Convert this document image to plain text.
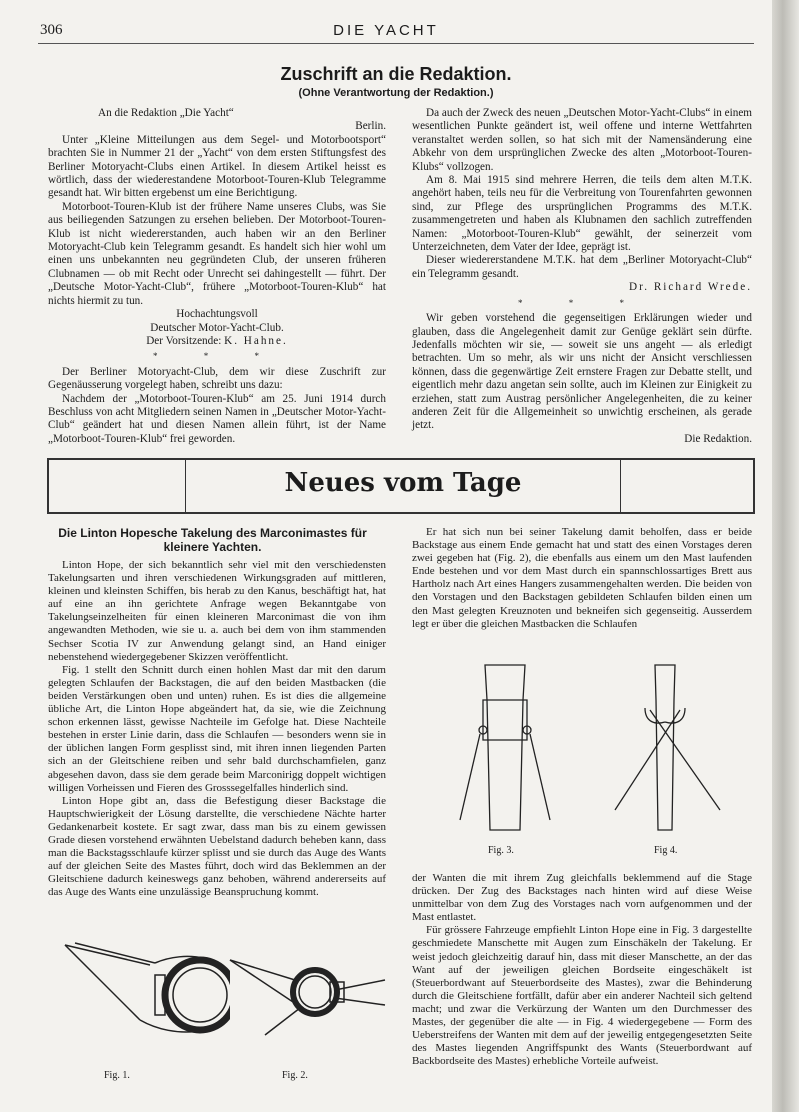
306	DIE YACHT
Zuschrift an die Redaktion.
(Ohne Verantwortung der Redaktion.)

An die Redaktion „Die Yacht“

Berlin.

Unter „Kleine Mitteilungen aus dem Segel- und Motorbootsport“ brachten Sie in Nummer 21 der „Yacht“ von dem ersten Stiftungsfest des Berliner Motoryacht-Clubs einen Artikel. In diesem Artikel heisst es wörtlich, dass der wiederestandene Motorboot-Touren-Klub Telegramme gesandt hat. Wir bitten ergebenst um eine Berichtigung.

Motorboot-Touren-Klub ist der frühere Name unseres Clubs, was Sie aus beiliegenden Satzungen zu ersehen belieben. Der Motorboot-Touren-Klub ist nicht wiedererstanden, auch haben wir an den Berliner Motoryacht-Club kein Telegramm gesandt. Es handelt sich hier wohl um einen uns unbekannten neu gegründeten Club, der unseren früheren Clubnamen — ob mit Recht oder Unrecht sei dahingestellt — führt. Der „Deutsche Motor-Yacht-Club“, frühere „Motorboot-Touren-Klub“ hat nichts hiermit zu tun.

Hochachtungsvoll

Deutscher Motor-Yacht-Club.

Der Vorsitzende: K. Hahne.

* * *

Der Berliner Motoryacht-Club, dem wir diese Zuschrift zur Gegenäusserung vorgelegt haben, schreibt uns dazu:

Nachdem der „Motorboot-Touren-Klub“ am 25. Juni 1914 durch Beschluss von acht Mitgliedern seinen Namen in „Deutscher Motor-Yacht-Club“ geändert hat und diesen Namen allein führt, ist der Name „Motorboot-Touren-Klub“ frei geworden.

Da auch der Zweck des neuen „Deutschen Motor-Yacht-Clubs“ in einem wesentlichen Punkte geändert ist, weil offene und interne Wettfahrten veranstaltet werden sollen, so hat sich mit der Namensänderung eine Abkehr von dem ursprünglichen Zwecke des alten „Motorboot-Touren-Klubs“ vollzogen.

Am 8. Mai 1915 sind mehrere Herren, die teils dem alten M.T.K. angehört haben, teils neu für die Verbreitung von Tourenfahrten gewonnen sind, zur Pflege des ursprünglichen Programms des M.T.K. zusammengetreten und haben als Klubnamen den sachlich zutreffenden Namen: „Motorboot-Touren-Klub“ gewählt, der seinerzeit vom Unterzeichneten, dem Vater der Idee, geprägt ist.

Dieser wiedererstandene M.T.K. hat dem „Berliner Motoryacht-Club“ ein Telegramm gesandt.

Dr. Richard Wrede.

* * *

Wir geben vorstehend die gegenseitigen Erklärungen wieder und glauben, dass die Angelegenheit damit zur Genüge geklärt sein dürfte. Jedenfalls möchten wir sie, — soweit sie uns angeht — als erledigt betrachten. Um so mehr, als wir uns nicht der Ansicht verschliessen können, dass die gegenwärtige Zeit ernstere Fragen zur Debatte stellt, und eigentlich mehr dazu angetan sein sollte, auch im Kleinen zur Einigkeit zu erziehen, statt zum Austrag persönlicher Angelegenheiten, die zu keiner anderen Zeit für die Allgemeinheit so unwichtig erscheinen, als gerade jetzt.

Die Redaktion.

Neues vom Tage
Die Linton Hopesche Takelung des Marconimastes für kleinere Yachten.

Linton Hope, der sich bekanntlich sehr viel mit den verschiedensten Takelungsarten und ihren verschiedenen Wirkungsgraden auf mittleren, kleinen und kleinsten Schiffen, bis herab zu den Kanus, beschäftigt hat, hat auf eine an ihn gerichtete Anfrage wegen Bekanntgabe von Takelungseinzelheiten für einen kleineren Marconimast die von ihm angewandten Methoden, wie sie u. a. auch bei dem von ihm stammenden Sechser Scotia IV zur Anwendung gelangt sind, an Hand einiger nebenstehend wiedergegebener Skizzen veröffentlicht.

Fig. 1 stellt den Schnitt durch einen hohlen Mast dar mit den darum gelegten Schlaufen der Backstagen, die auf den beiden Mastbacken (die beiden Verstärkungen oben und unten) ruhen. Es ist dies die allgemeine übliche Art, die Linton Hope abgeändert hat, da sie, wie die Zeichnung schon erkennen lässt, gewisse Nachteile im Gefolge hat. Diese Nachteile bestehen in erster Linie darin, dass die Schlaufen — besonders wenn sie in der üblichen langen Form gesplisst sind, mit ihren innen liegenden Parten sich an der Gleitschiene reiben und sehr bald durchschamfielen, ganz abgesehen davon, dass sie dem gerade beim Marconirigg doppelt wichtigen willigen Vorheissen und Fieren des Grosssegelfalles hinderlich sind.

Linton Hope gibt an, dass die Befestigung dieser Backstage die Hauptschwierigkeit der Lösung darstellte, die verschiedene Nächte harter Gedankenarbeit kostete. Er sagt zwar, dass man bis zu einem gewissen Grade diesen vorstehend erwähnten Uebelstand dadurch beheben kann, dass man die Backstagsschlaufe kürzer splisst und sie durch das Auge des Wants auf der gleichen Seite des Mastes führt, doch wird das Beklemmen an der Gleitschiene dadurch keineswegs ganz behoben, während andererseits auf das Auge des Wants eine unzulässige Beanspruchung kommt.

Er hat sich nun bei seiner Takelung damit beholfen, dass er beide Backstage aus einem Ende gemacht hat und statt des einen Vorstages deren zwei gegeben hat (Fig. 2), die ebenfalls aus einem um den Mast laufenden Ende bestehen und vor dem Mast durch ein spannschlossartiges Brett aus Hartholz nach Art eines Hangers zusammengehalten werden. Die beiden von den Vorstagen und den Backstagen gebildeten Schlaufen bilden einen um den Mast gelegten Kreuznoten und bekneifen sich gegenseitig. Ausserdem legt er über die gleichen Mastbacken die Schlaufen

der Wanten die mit ihrem Zug gleichfalls beklemmend auf die Stage drücken. Der Zug des Backstages nach hinten wird auf diese Weise unmittelbar von dem Zug des Vorstages nach vorn aufgenommen und der Mast entlastet.

Für grössere Fahrzeuge empfiehlt Linton Hope eine in Fig. 3 dargestellte geschmiedete Manschette mit Augen zum Einschäkeln der Takelung. Er weist jedoch gleichzeitig darauf hin, dass mit dieser Manschette, an der das Want auf der jeweiligen gleichen Bordseite eingeschäkelt ist (Steuerbordwant auf Steuerbordseite des Mastes), zwar die Behinderung durch die Gleitschiene fortfällt, dafür aber ein anderer Nachteil sich geltend macht; und zwar die Verkürzung der Wanten um den Durchmesser des Mastes, der gegenüber die alte — in Fig. 4 wiedergegebene — Form des Ueberstreifens der Wanten mit dem auf der jeweilig entgegengesetzten Seite des Mastes liegenden Angriffspunkt des Wants (Steuerbordwant auf Backbordseite des Mastes) erhebliche Vorteile aufweist.

Fig. 1.	Fig. 2.
Fig. 3.	Fig 4.
